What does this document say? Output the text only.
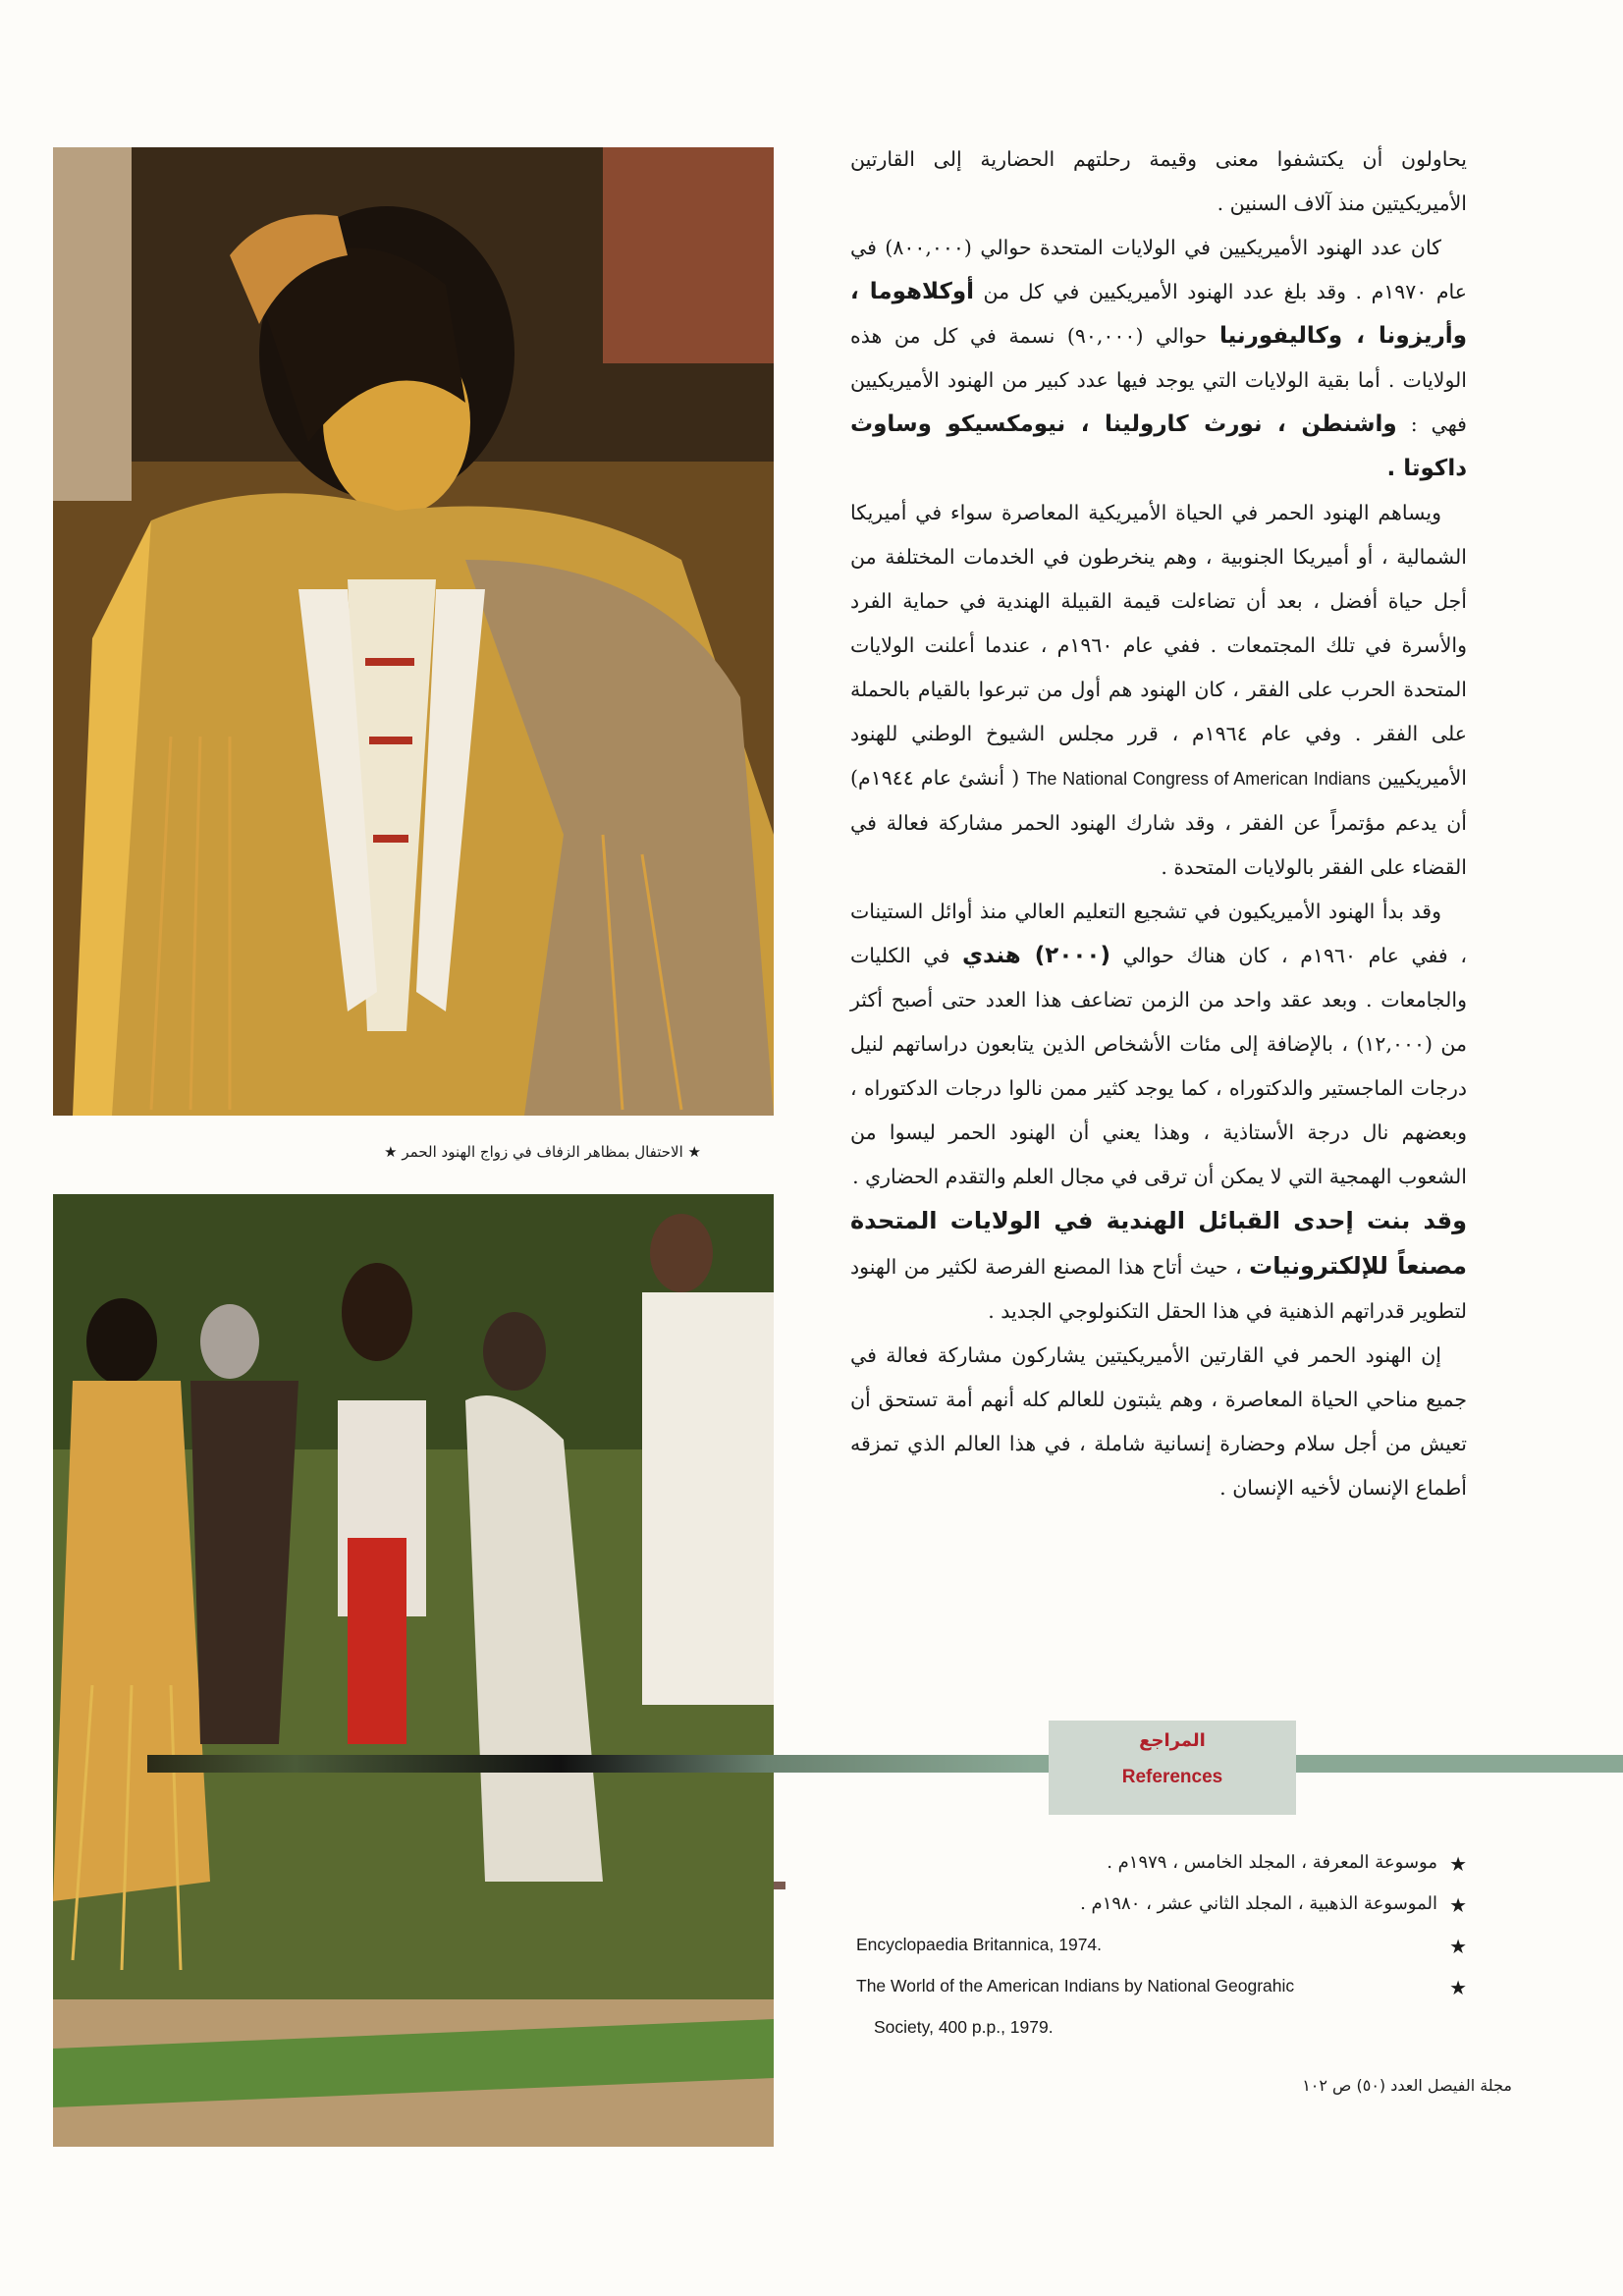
★ الاحتفال بمظاهر الزفاف في زواج الهنود الحمر ★

يحاولون أن يكتشفوا معنى وقيمة رحلتهم الحضارية إلى القارتين الأميريكيتين منذ آلاف السنين .

كان عدد الهنود الأميريكيين في الولايات المتحدة حوالي (٨٠٠,٠٠٠) في عام ١٩٧٠م . وقد بلغ عدد الهنود الأميريكيين في كل من أوكلاهوما ، وأريزونا ، وكاليفورنيا حوالي (٩٠,٠٠٠) نسمة في كل من هذه الولايات . أما بقية الولايات التي يوجد فيها عدد كبير من الهنود الأميريكيين فهي : واشنطن ، نورث كارولينا ، نيومكسيكو وساوث داكوتا .

ويساهم الهنود الحمر في الحياة الأميريكية المعاصرة سواء في أميريكا الشمالية ، أو أميريكا الجنوبية ، وهم ينخرطون في الخدمات المختلفة من أجل حياة أفضل ، بعد أن تضاءلت قيمة القبيلة الهندية في حماية الفرد والأسرة في تلك المجتمعات . ففي عام ١٩٦٠م ، عندما أعلنت الولايات المتحدة الحرب على الفقر ، كان الهنود هم أول من تبرعوا بالقيام بالحملة على الفقر . وفي عام ١٩٦٤م ، قرر مجلس الشيوخ الوطني للهنود الأميريكيين The National Congress of American Indians ( أنشئ عام ١٩٤٤م) أن يدعم مؤتمراً عن الفقر ، وقد شارك الهنود الحمر مشاركة فعالة في القضاء على الفقر بالولايات المتحدة .

وقد بدأ الهنود الأميريكيون في تشجيع التعليم العالي منذ أوائل الستينات ، ففي عام ١٩٦٠م ، كان هناك حوالي (٢٠٠٠) هندي في الكليات والجامعات . وبعد عقد واحد من الزمن تضاعف هذا العدد حتى أصبح أكثر من (١٢,٠٠٠) ، بالإضافة إلى مئات الأشخاص الذين يتابعون دراساتهم لنيل درجات الماجستير والدكتوراه ، كما يوجد كثير ممن نالوا درجات الدكتوراه ، وبعضهم نال درجة الأستاذية ، وهذا يعني أن الهنود الحمر ليسوا من الشعوب الهمجية التي لا يمكن أن ترقى في مجال العلم والتقدم الحضاري .

وقد بنت إحدى القبائل الهندية في الولايات المتحدة مصنعاً للإلكترونيات ، حيث أتاح هذا المصنع الفرصة لكثير من الهنود لتطوير قدراتهم الذهنية في هذا الحقل التكنولوجي الجديد .

إن الهنود الحمر في القارتين الأميريكيتين يشاركون مشاركة فعالة في جميع مناحي الحياة المعاصرة ، وهم يثبتون للعالم كله أنهم أمة تستحق أن تعيش من أجل سلام وحضارة إنسانية شاملة ، في هذا العالم الذي تمزقه أطماع الإنسان لأخيه الإنسان .

المراجع
References
★
موسوعة المعرفة ، المجلد الخامس ، ١٩٧٩م .
★
الموسوعة الذهبية ، المجلد الثاني عشر ، ١٩٨٠م .
★
Encyclopaedia Britannica, 1974.
★
The World of the American Indians by National Geograhic
Society, 400 p.p., 1979.
مجلة الفيصل العدد (٥٠) ص ١٠٢
